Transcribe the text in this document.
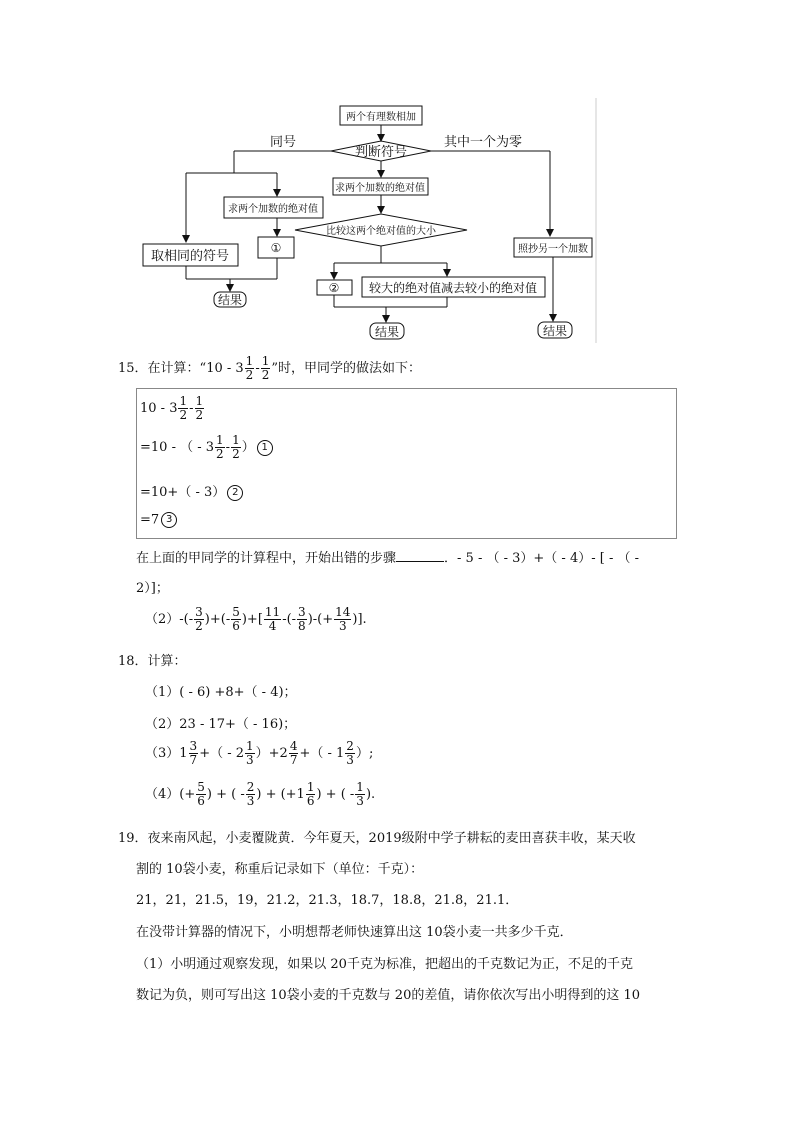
两个有理数相加
判断符号
同号	其中一个为零
求两个加数的绝对值
求两个加数的绝对值
比较这两个绝对值的大小
①
取相同的符号
结果
② 较大的绝对值减去较小的绝对值
结果
照抄另一个加数
结果
15．在计算：“$10 - 3 \frac{1}{2} - \frac{1}{2}$ ”时，甲同学的做法如下：
$10 - 3 \frac{1}{2} - \frac{1}{2}$
=10 - （ - $3 \frac{1}{2} - \frac{1}{2}$ ） 1
=10+（ - 3） 2
=7 3
在上面的甲同学的计算程中，开始出错的步骤	．- 5 - （ - 3）+（ - 4）- [ - （ -
2）]；
$(2)-(- \frac{3}{2}$ )+(- $\frac{5}{6}$ )+[ $\frac{11}{4}$ -(- $\frac{3}{8}$ )-(+ $\frac{14}{3}$ )].
18．计算：
（1）( - 6) +8+（ - 4)；
（2）23 - 17+（ - 16)；
$(3)1 \frac{3}{7}$ +（ - $2 \frac{1}{3} )+2 \frac{4}{7}$ +（ - $1 \frac{2}{3}$ ）;
$(4)(+ \frac{5}{6}$ ) + ( - $\frac{2}{3}$ ) + ($+1 \frac{1}{6}$ ) + ( - $\frac{1}{3}$ ).
19．夜来南风起，小麦覆陇黄．今年夏天，2019级附中学子耕耘的麦田喜获丰收，某天收
割的 10袋小麦，称重后记录如下（单位：千克）：
21，21，21.5，19，21.2，21.3，18.7，18.8，21.8，21.1．
在没带计算器的情况下，小明想帮老师快速算出这 10袋小麦一共多少千克．
（1）小明通过观察发现，如果以 20千克为标准，把超出的千克数记为正，不足的千克
数记为负，则可写出这 10袋小麦的千克数与 20的差值，请你依次写出小明得到的这 10
